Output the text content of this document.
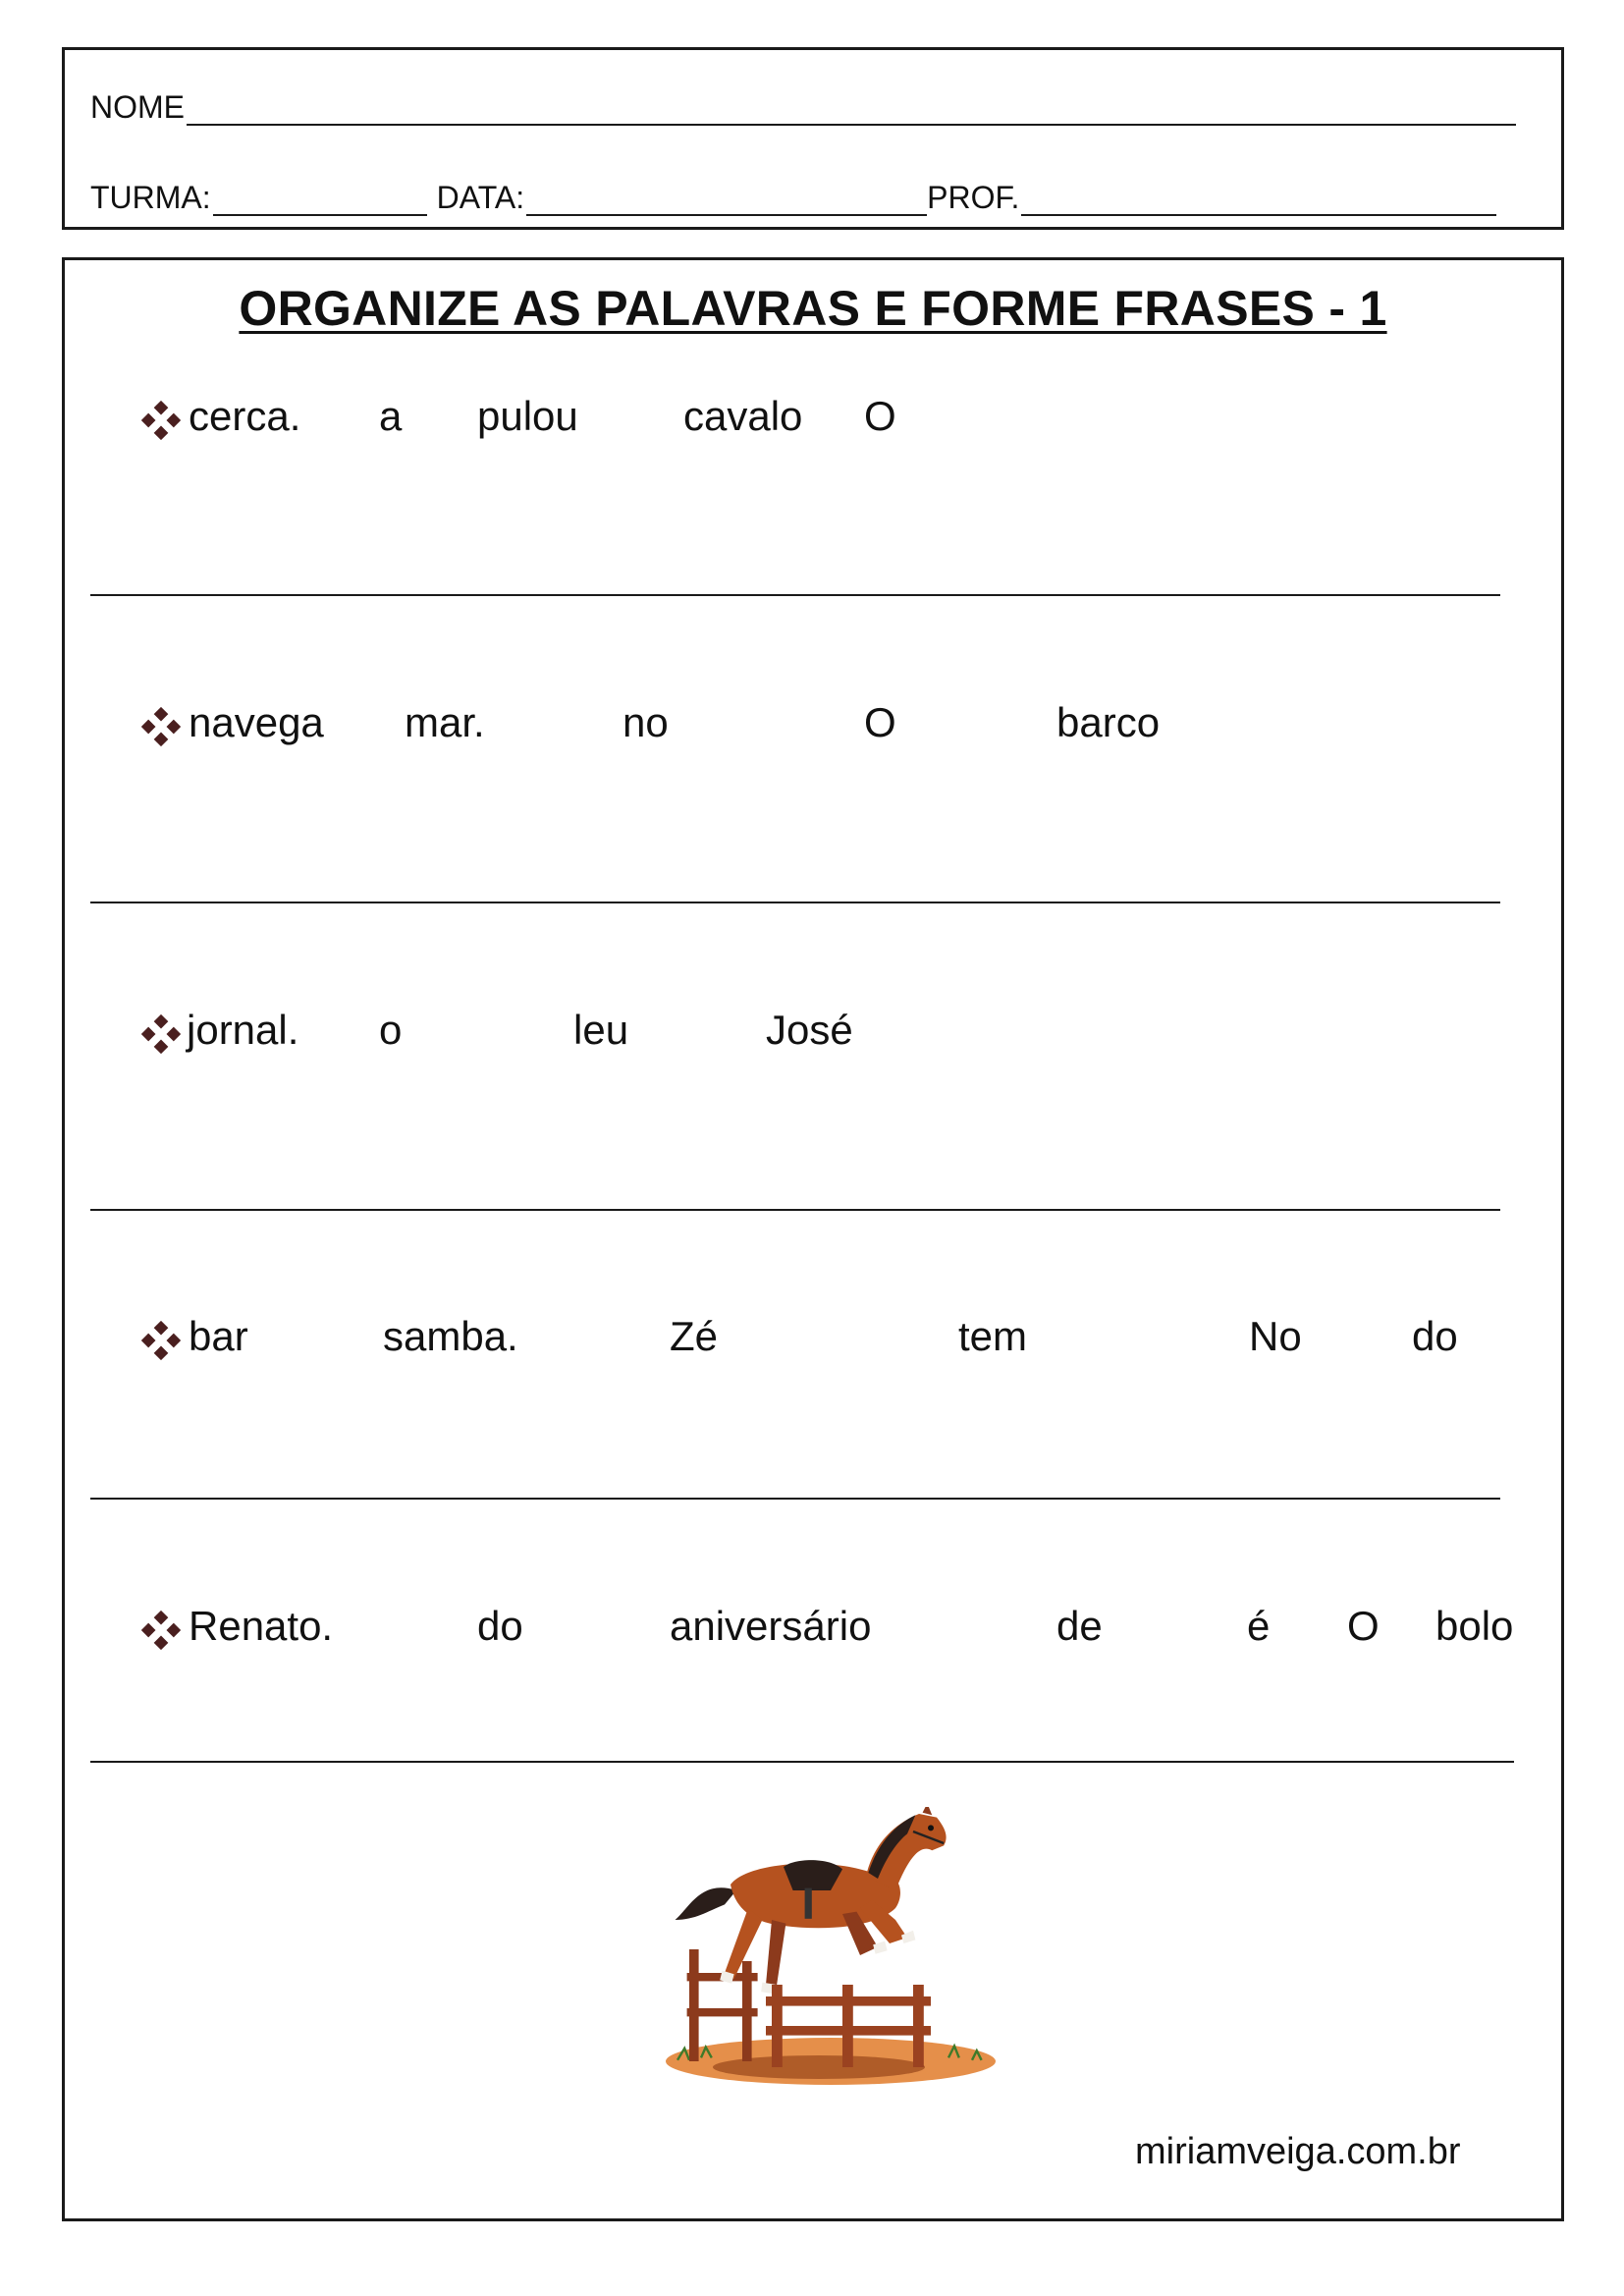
NOME
TURMA:	DATA:	PROF.
ORGANIZE AS PALAVRAS E FORME FRASES - 1
cerca. a pulou	cavalo O
navega mar.	no	O	barco
jornal. o	leu	José
bar	samba.	Zé	tem	No	do
Renato.	do	aniversário	de	é O bolo
miriamveiga.com.br
